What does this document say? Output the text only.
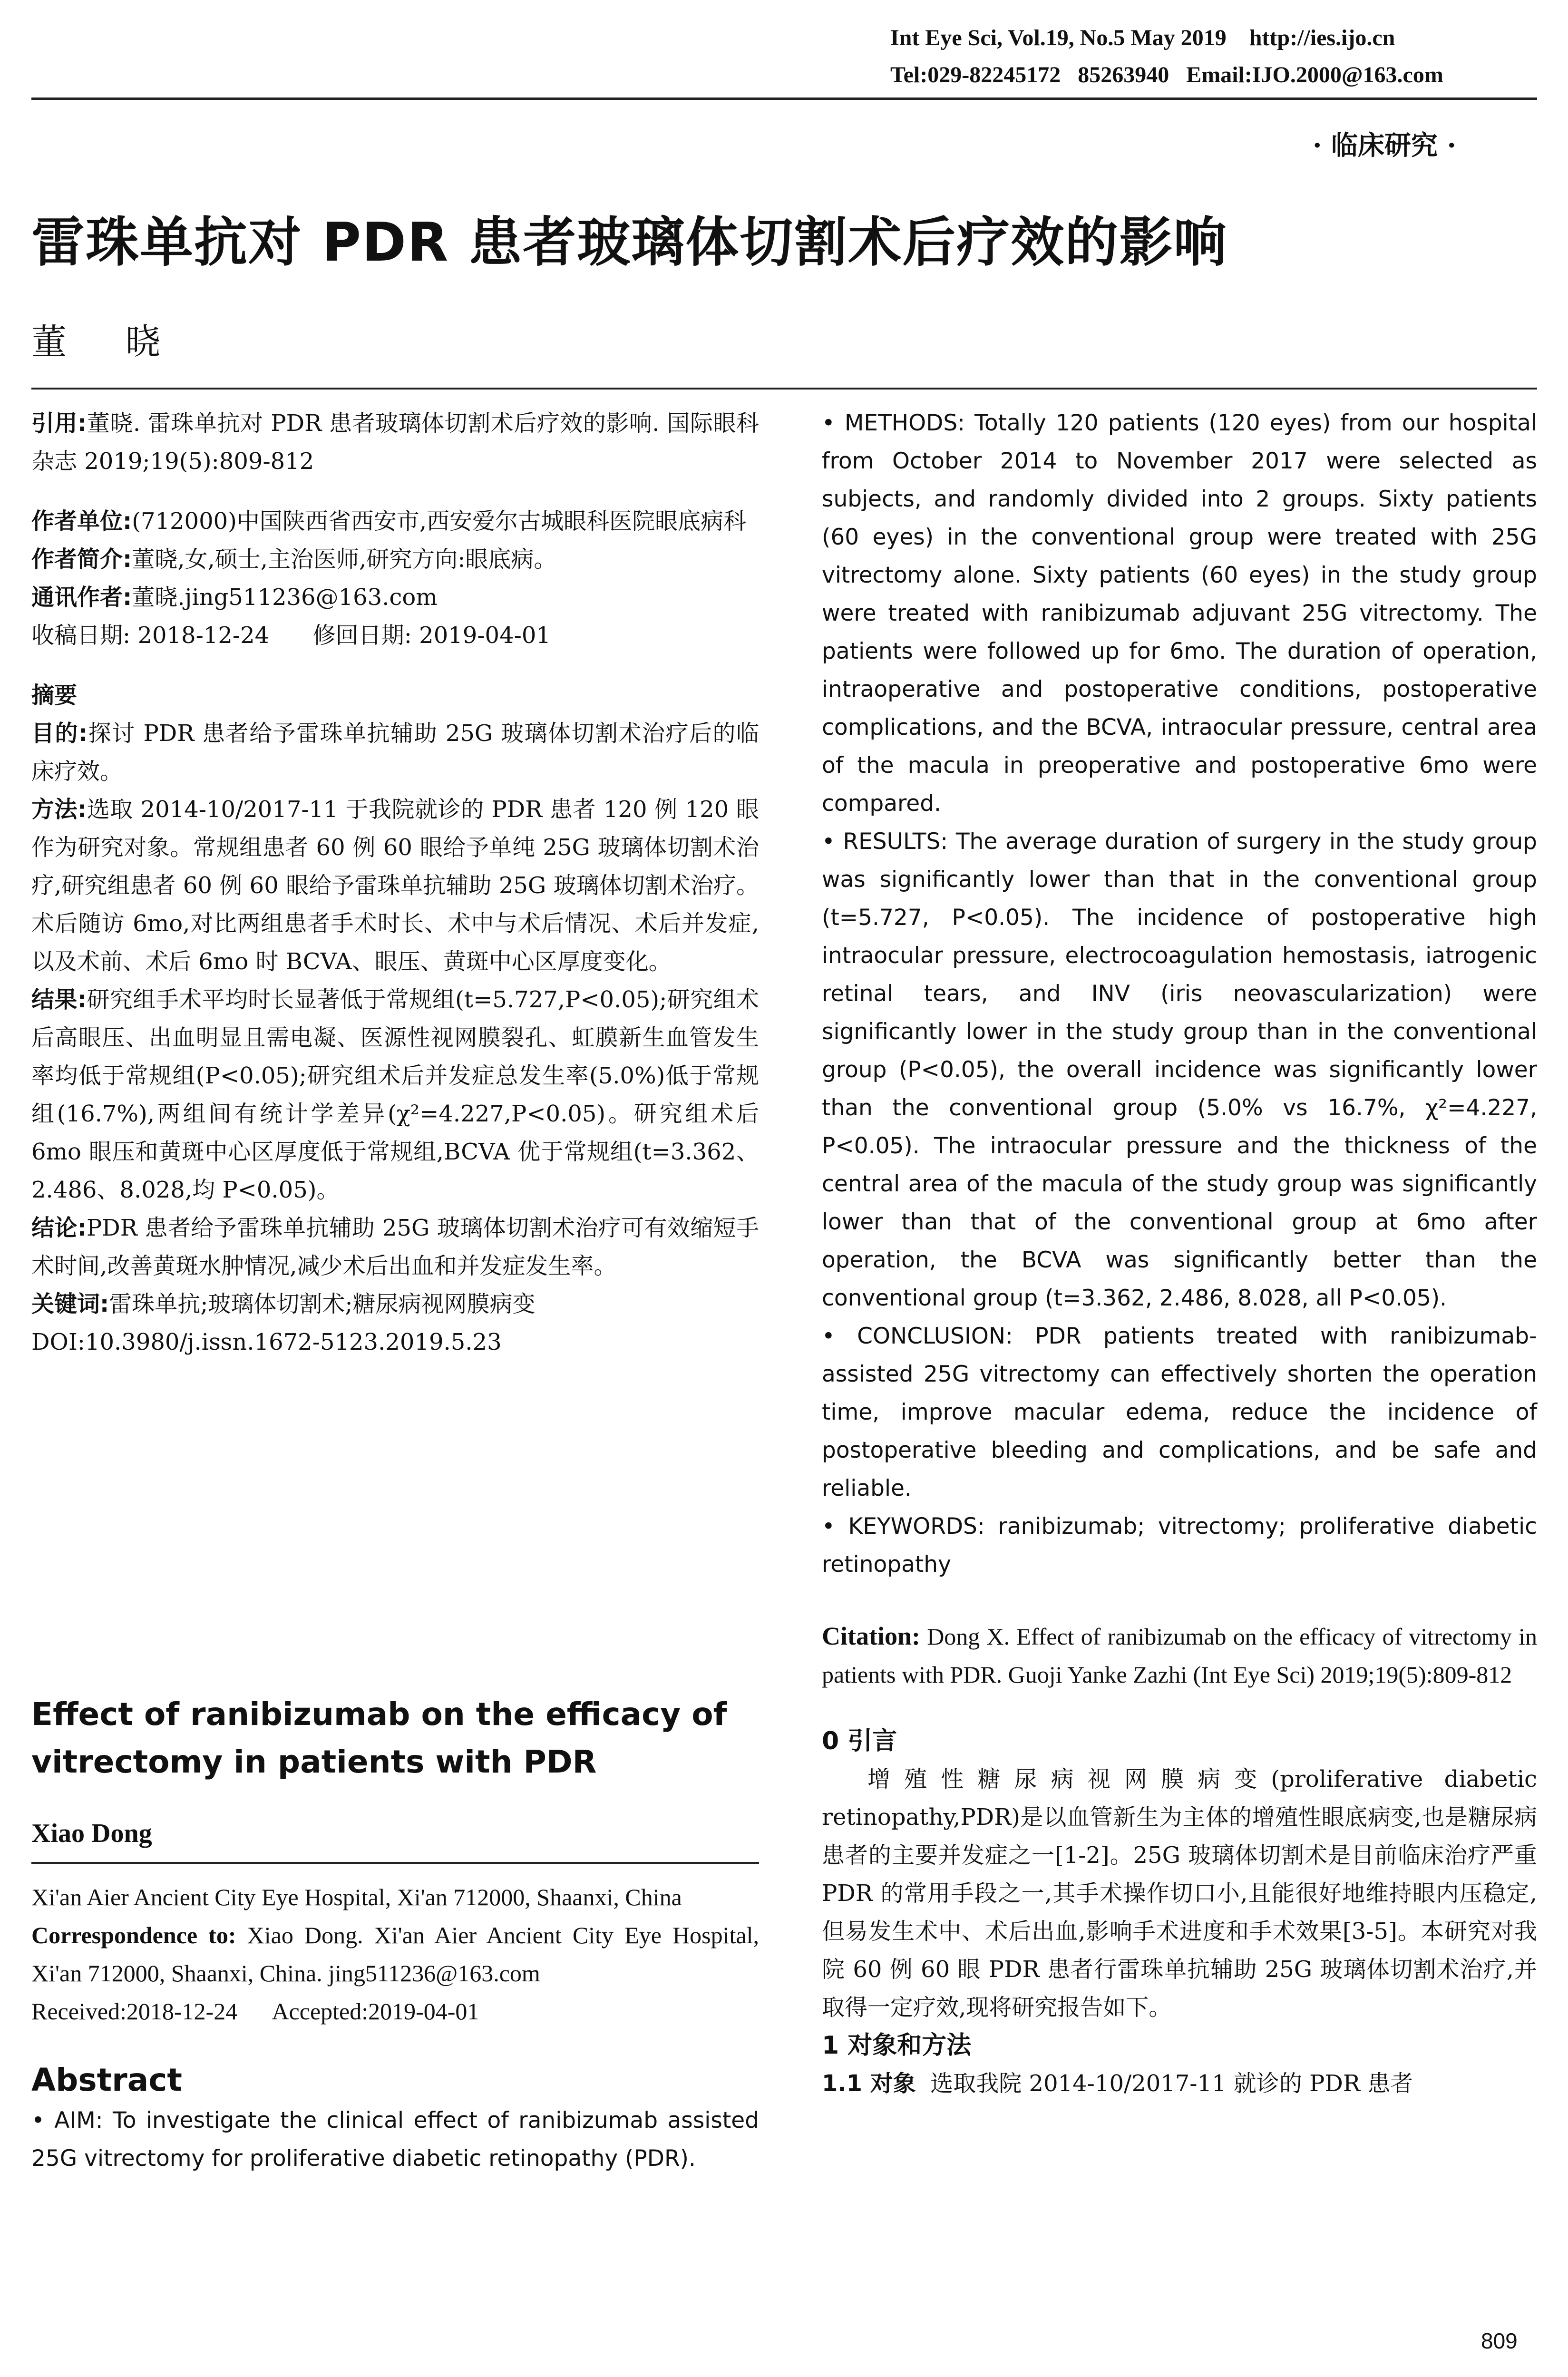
Int Eye Sci, Vol.19, No.5 May 2019    http://ies.ijo.cn
Tel:029-82245172   85263940   Email:IJO.2000@163.com
· 临床研究 ·
雷珠单抗对 PDR 患者玻璃体切割术后疗效的影响
董 晓

引用:董晓. 雷珠单抗对 PDR 患者玻璃体切割术后疗效的影响. 国际眼科杂志 2019;19(5):809-812

作者单位:(712000)中国陕西省西安市,西安爱尔古城眼科医院眼底病科

作者简介:董晓,女,硕士,主治医师,研究方向:眼底病。

通讯作者:董晓.jing511236@163.com

收稿日期: 2018-12-24      修回日期: 2019-04-01

摘要

目的:探讨 PDR 患者给予雷珠单抗辅助 25G 玻璃体切割术治疗后的临床疗效。

方法:选取 2014-10/2017-11 于我院就诊的 PDR 患者 120 例 120 眼作为研究对象。常规组患者 60 例 60 眼给予单纯 25G 玻璃体切割术治疗,研究组患者 60 例 60 眼给予雷珠单抗辅助 25G 玻璃体切割术治疗。术后随访 6mo,对比两组患者手术时长、术中与术后情况、术后并发症,以及术前、术后 6mo 时 BCVA、眼压、黄斑中心区厚度变化。

结果:研究组手术平均时长显著低于常规组(t=5.727,P<0.05);研究组术后高眼压、出血明显且需电凝、医源性视网膜裂孔、虹膜新生血管发生率均低于常规组(P<0.05);研究组术后并发症总发生率(5.0%)低于常规组(16.7%),两组间有统计学差异(χ²=4.227,P<0.05)。研究组术后 6mo 眼压和黄斑中心区厚度低于常规组,BCVA 优于常规组(t=3.362、2.486、8.028,均 P<0.05)。

结论:PDR 患者给予雷珠单抗辅助 25G 玻璃体切割术治疗可有效缩短手术时间,改善黄斑水肿情况,减少术后出血和并发症发生率。

关键词:雷珠单抗;玻璃体切割术;糖尿病视网膜病变

DOI:10.3980/j.issn.1672-5123.2019.5.23

Effect of ranibizumab on the efficacy of vitrectomy in patients with PDR

Xiao Dong

Xi'an Aier Ancient City Eye Hospital, Xi'an 712000, Shaanxi, China

Correspondence to: Xiao Dong. Xi'an Aier Ancient City Eye Hospital, Xi'an 712000, Shaanxi, China. jing511236@163.com

Received:2018-12-24      Accepted:2019-04-01

Abstract

• AIM: To investigate the clinical effect of ranibizumab assisted 25G vitrectomy for proliferative diabetic retinopathy (PDR).

• METHODS: Totally 120 patients (120 eyes) from our hospital from October 2014 to November 2017 were selected as subjects, and randomly divided into 2 groups. Sixty patients (60 eyes) in the conventional group were treated with 25G vitrectomy alone. Sixty patients (60 eyes) in the study group were treated with ranibizumab adjuvant 25G vitrectomy. The patients were followed up for 6mo. The duration of operation, intraoperative and postoperative conditions, postoperative complications, and the BCVA, intraocular pressure, central area of the macula in preoperative and postoperative 6mo were compared.

• RESULTS: The average duration of surgery in the study group was significantly lower than that in the conventional group (t=5.727, P<0.05). The incidence of postoperative high intraocular pressure, electrocoagulation hemostasis, iatrogenic retinal tears, and INV (iris neovascularization) were significantly lower in the study group than in the conventional group (P<0.05), the overall incidence was significantly lower than the conventional group (5.0% vs 16.7%, χ²=4.227, P<0.05). The intraocular pressure and the thickness of the central area of the macula of the study group was significantly lower than that of the conventional group at 6mo after operation, the BCVA was significantly better than the conventional group (t=3.362, 2.486, 8.028, all P<0.05).

• CONCLUSION: PDR patients treated with ranibizumab-assisted 25G vitrectomy can effectively shorten the operation time, improve macular edema, reduce the incidence of postoperative bleeding and complications, and be safe and reliable.

• KEYWORDS: ranibizumab; vitrectomy; proliferative diabetic retinopathy

Citation: Dong X. Effect of ranibizumab on the efficacy of vitrectomy in patients with PDR. Guoji Yanke Zazhi (Int Eye Sci) 2019;19(5):809-812

0 引言

增殖性糖尿病视网膜病变(proliferative diabetic retinopathy,PDR)是以血管新生为主体的增殖性眼底病变,也是糖尿病患者的主要并发症之一[1-2]。25G 玻璃体切割术是目前临床治疗严重 PDR 的常用手段之一,其手术操作切口小,且能很好地维持眼内压稳定,但易发生术中、术后出血,影响手术进度和手术效果[3-5]。本研究对我院 60 例 60 眼 PDR 患者行雷珠单抗辅助 25G 玻璃体切割术治疗,并取得一定疗效,现将研究报告如下。

1 对象和方法

1.1 对象  选取我院 2014-10/2017-11 就诊的 PDR 患者

809
